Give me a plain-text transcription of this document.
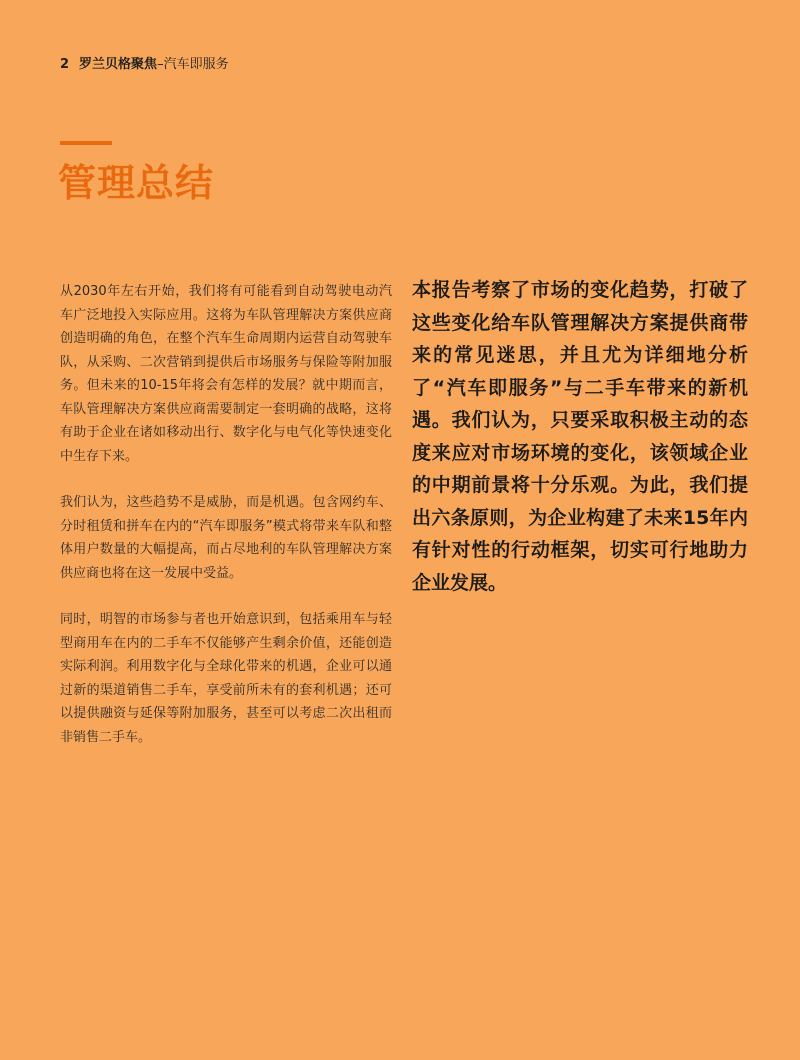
2 罗兰贝格聚焦–汽车即服务
管理总结

从2030年左右开始，我们将有可能看到自动驾驶电动汽车广泛地投入实际应用。这将为车队管理解决方案供应商创造明确的角色，在整个汽车生命周期内运营自动驾驶车队，从采购、二次营销到提供后市场服务与保险等附加服务。但未来的10-15年将会有怎样的发展？就中期而言，车队管理解决方案供应商需要制定一套明确的战略，这将有助于企业在诸如移动出行、数字化与电气化等快速变化中生存下来。

我们认为，这些趋势不是威胁，而是机遇。包含网约车、分时租赁和拼车在内的“汽车即服务”模式将带来车队和整体用户数量的大幅提高，而占尽地利的车队管理解决方案供应商也将在这一发展中受益。

同时，明智的市场参与者也开始意识到，包括乘用车与轻型商用车在内的二手车不仅能够产生剩余价值，还能创造实际利润。利用数字化与全球化带来的机遇，企业可以通过新的渠道销售二手车，享受前所未有的套利机遇；还可以提供融资与延保等附加服务，甚至可以考虑二次出租而非销售二手车。

本报告考察了市场的变化趋势，打破了这些变化给车队管理解决方案提供商带来的常见迷思，并且尤为详细地分析了“汽车即服务”与二手车带来的新机遇。我们认为，只要采取积极主动的态度来应对市场环境的变化，该领域企业的中期前景将十分乐观。为此，我们提出六条原则，为企业构建了未来15年内有针对性的行动框架，切实可行地助力企业发展。
